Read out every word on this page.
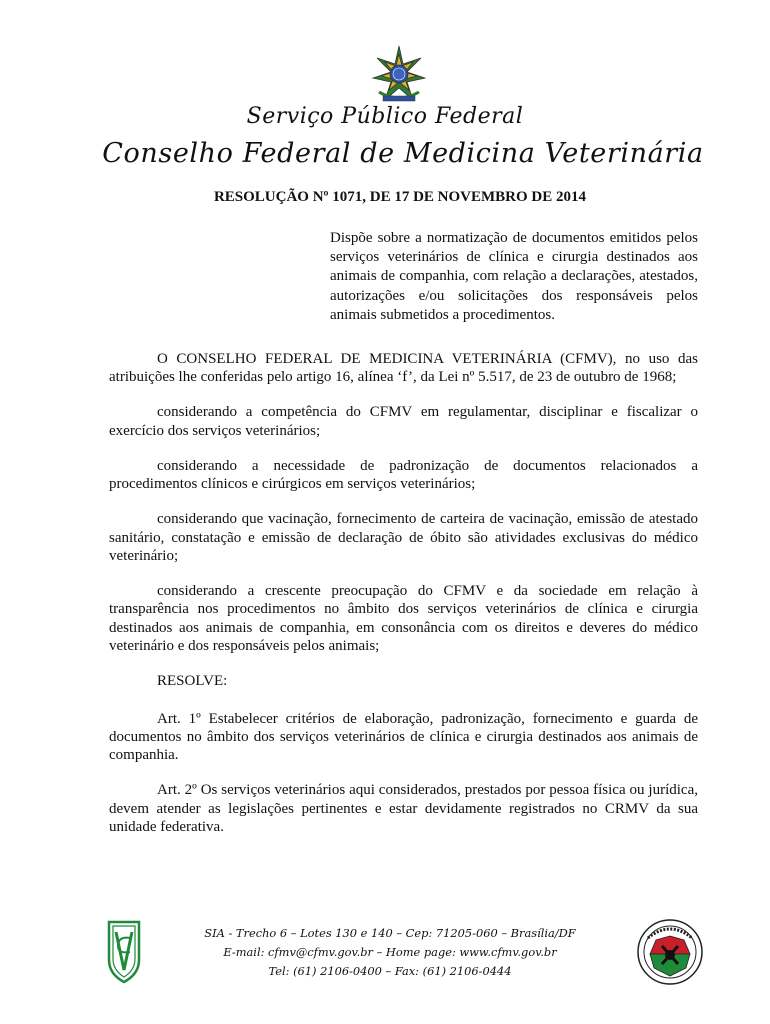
Serviço Público Federal
Conselho Federal de Medicina Veterinária
RESOLUÇÃO Nº 1071, DE 17 DE NOVEMBRO DE 2014
Dispõe sobre a normatização de documentos emitidos pelos serviços veterinários de clínica e cirurgia destinados aos animais de companhia, com relação a declarações, atestados, autorizações e/ou solicitações dos responsáveis pelos animais submetidos a procedimentos.

O CONSELHO FEDERAL DE MEDICINA VETERINÁRIA (CFMV), no uso das atribuições lhe conferidas pelo artigo 16, alínea ‘f’, da Lei nº 5.517, de 23 de outubro de 1968;

considerando a competência do CFMV em regulamentar, disciplinar e fiscalizar o exercício dos serviços veterinários;

considerando a necessidade de padronização de documentos relacionados a procedimentos clínicos e cirúrgicos em serviços veterinários;

considerando que vacinação, fornecimento de carteira de vacinação, emissão de atestado sanitário, constatação e emissão de declaração de óbito são atividades exclusivas do médico veterinário;

considerando a crescente preocupação do CFMV e da sociedade em relação à transparência nos procedimentos no âmbito dos serviços veterinários de clínica e cirurgia destinados aos animais de companhia, em consonância com os direitos e deveres do médico veterinário e dos responsáveis pelos animais;

RESOLVE:

Art. 1º Estabelecer critérios de elaboração, padronização, fornecimento e guarda de documentos no âmbito dos serviços veterinários de clínica e cirurgia destinados aos animais de companhia.

Art. 2º Os serviços veterinários aqui considerados, prestados por pessoa física ou jurídica, devem atender as legislações pertinentes e estar devidamente registrados no CRMV da sua unidade federativa.

SIA - Trecho 6 – Lotes 130 e 140 – Cep: 71205-060 – Brasília/DF
E-mail: cfmv@cfmv.gov.br – Home page: www.cfmv.gov.br
Tel: (61) 2106-0400 – Fax: (61) 2106-0444
